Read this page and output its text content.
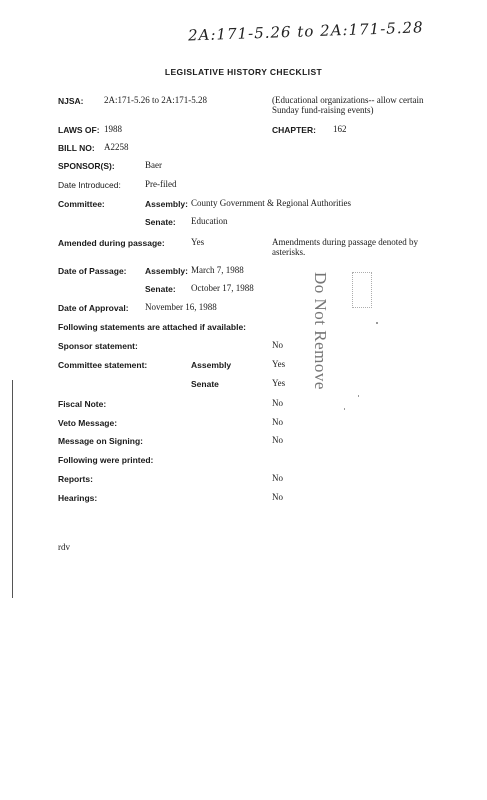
2A:171-5.26 to 2A:171-5.28
LEGISLATIVE HISTORY CHECKLIST
NJSA: 2A:171-5.26 to 2A:171-5.28	(Educational organizations-- allow certain Sunday fund-raising events)
LAWS OF: 1988	CHAPTER: 162
BILL NO: A2258
SPONSOR(S):	Baer
Date Introduced:	Pre-filed
Committee:	Assembly: County Government & Regional Authorities
Senate: Education
Amended during passage:	Yes	Amendments during passage denoted by asterisks.
Date of Passage: Assembly: March 7, 1988
Senate: October 17, 1988
Date of Approval: November 16, 1988
Following statements are attached if available:
Sponsor statement:	No
Committee statement:	Assembly	Yes
Senate	Yes
Fiscal Note:	No
Veto Message:	No
Message on Signing:	No
Following were printed:
Reports:	No
Hearings:	No
rdv
Do Not Remove
